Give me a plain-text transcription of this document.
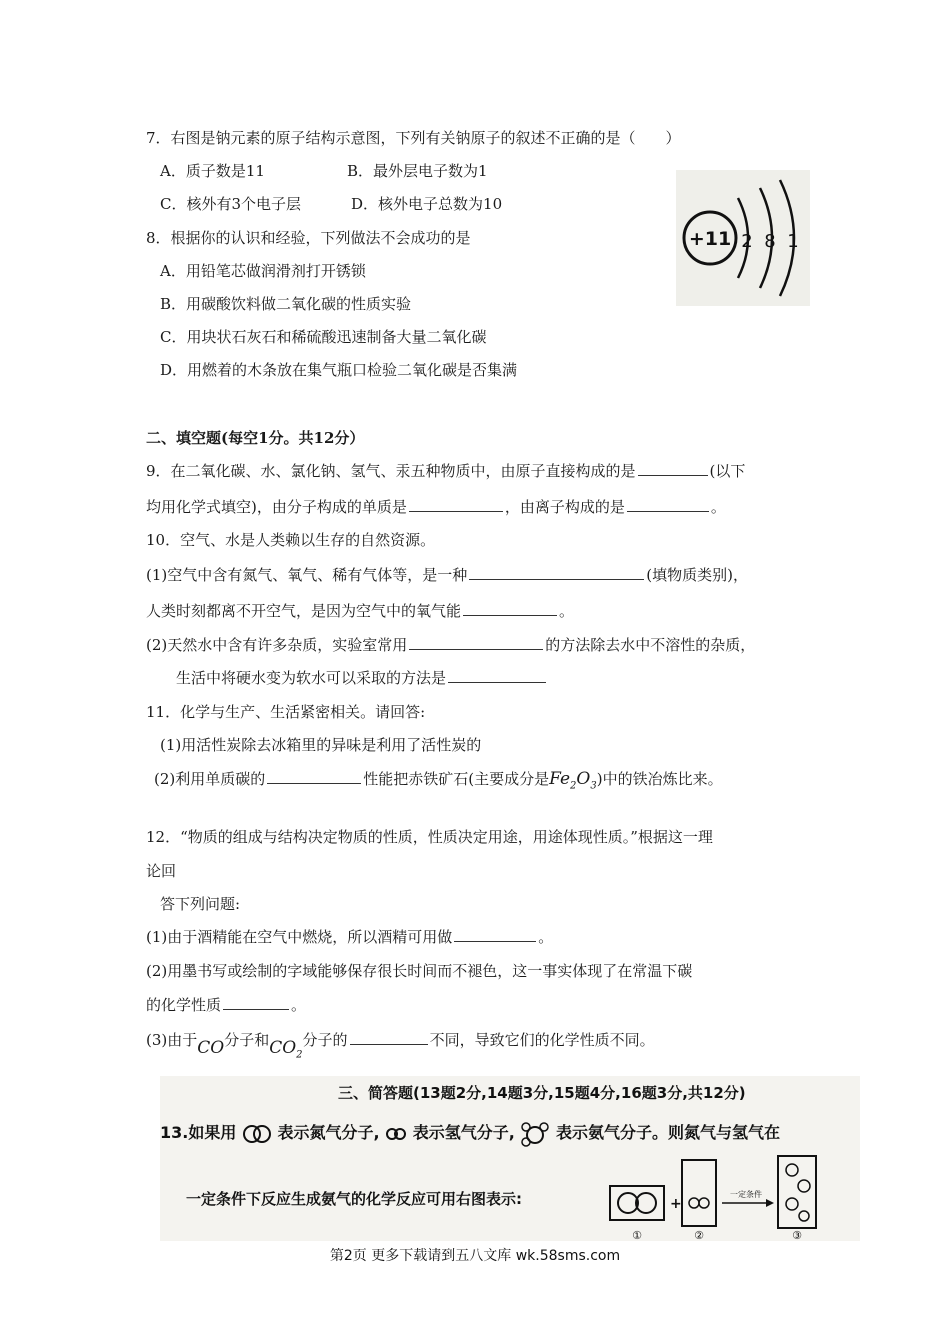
7．右图是钠元素的原子结构示意图，下列有关钠原子的叙述不正确的是（　　）
A．质子数是11	B．最外层电子数为1
C．核外有3个电子层	D．核外电子总数为10
+11 2 8 1
8．根据你的认识和经验，下列做法不会成功的是
A．用铅笔芯做润滑剂打开锈锁
B．用碳酸饮料做二氧化碳的性质实验
C．用块状石灰石和稀硫酸迅速制备大量二氧化碳
D．用燃着的木条放在集气瓶口检验二氧化碳是否集满
二、填空题(每空1分。共12分）
9．在二氧化碳、水、氯化钠、氢气、汞五种物质中，由原子直接构成的是	(以下
均用化学式填空)，由分子构成的单质是	，由离子构成的是	。
10．空气、水是人类赖以生存的自然资源。
(1)空气中含有氮气、氧气、稀有气体等，是一种	(填物质类别)，
人类时刻都离不开空气，是因为空气中的氧气能	。
(2)天然水中含有许多杂质，实验室常用	的方法除去水中不溶性的杂质，
生活中将硬水变为软水可以采取的方法是
11．化学与生产、生活紧密相关。请回答:
(1)用活性炭除去冰箱里的异味是利用了活性炭的
(2)利用单质碳的	性能把赤铁矿石(主要成分是$Fe_2O_3$)中的铁冶炼比来。
12．“物质的组成与结构决定物质的性质，性质决定用途，用途体现性质。”根据这一理
论回
答下列问题:
(1)由于酒精能在空气中燃烧，所以酒精可用做	。
(2)用墨书写或绘制的字域能够保存很长时间而不褪色，这一事实体现了在常温下碳
的化学性质	。
(3)由于CO分子和$CO_2$分子的	不同，导致它们的化学性质不同。
三、简答题(13题2分,14题3分,15题4分,16题3分,共12分)
13.如果用	表示氮气分子, 表示氢气分子,	表示氨气分子。则氮气与氢气在
一定条件下反应生成氨气的化学反应可用右图表示:	+
一定条件
①	②	③
第2页 更多下载请到五八文库 wk.58sms.com
